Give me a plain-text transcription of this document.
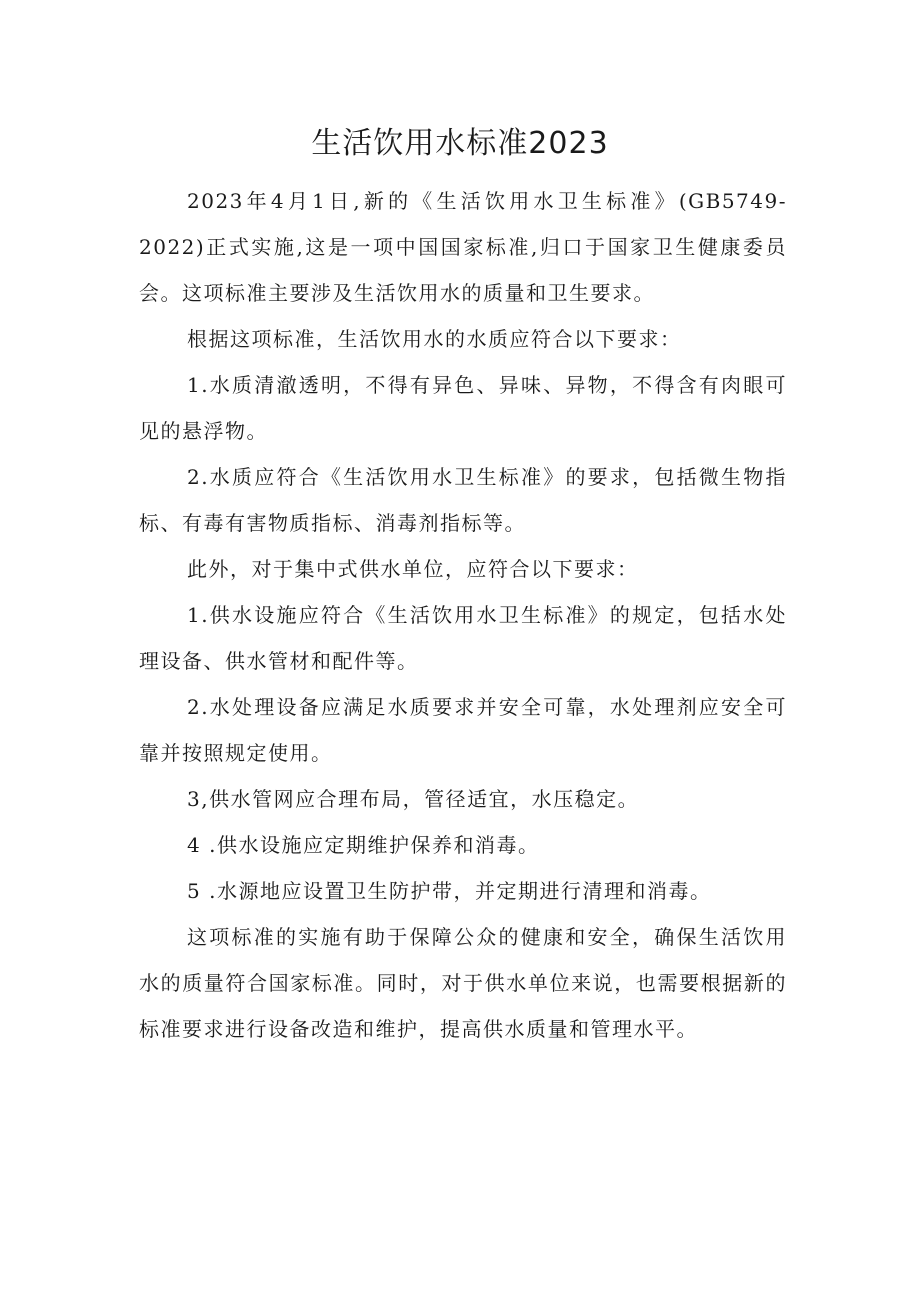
生活饮用水标准2023

2023年4月1日,新的《生活饮用水卫生标准》(GB5749-2022)正式实施,这是一项中国国家标准,归口于国家卫生健康委员会。这项标准主要涉及生活饮用水的质量和卫生要求。

根据这项标准，生活饮用水的水质应符合以下要求：

1.水质清澈透明，不得有异色、异味、异物，不得含有肉眼可见的悬浮物。

2.水质应符合《生活饮用水卫生标准》的要求，包括微生物指标、有毒有害物质指标、消毒剂指标等。

此外，对于集中式供水单位，应符合以下要求：

1.供水设施应符合《生活饮用水卫生标准》的规定，包括水处理设备、供水管材和配件等。

2.水处理设备应满足水质要求并安全可靠，水处理剂应安全可靠并按照规定使用。

3,供水管网应合理布局，管径适宜，水压稳定。

4 .供水设施应定期维护保养和消毒。

5 .水源地应设置卫生防护带，并定期进行清理和消毒。

这项标准的实施有助于保障公众的健康和安全，确保生活饮用水的质量符合国家标准。同时，对于供水单位来说，也需要根据新的标准要求进行设备改造和维护，提高供水质量和管理水平。
